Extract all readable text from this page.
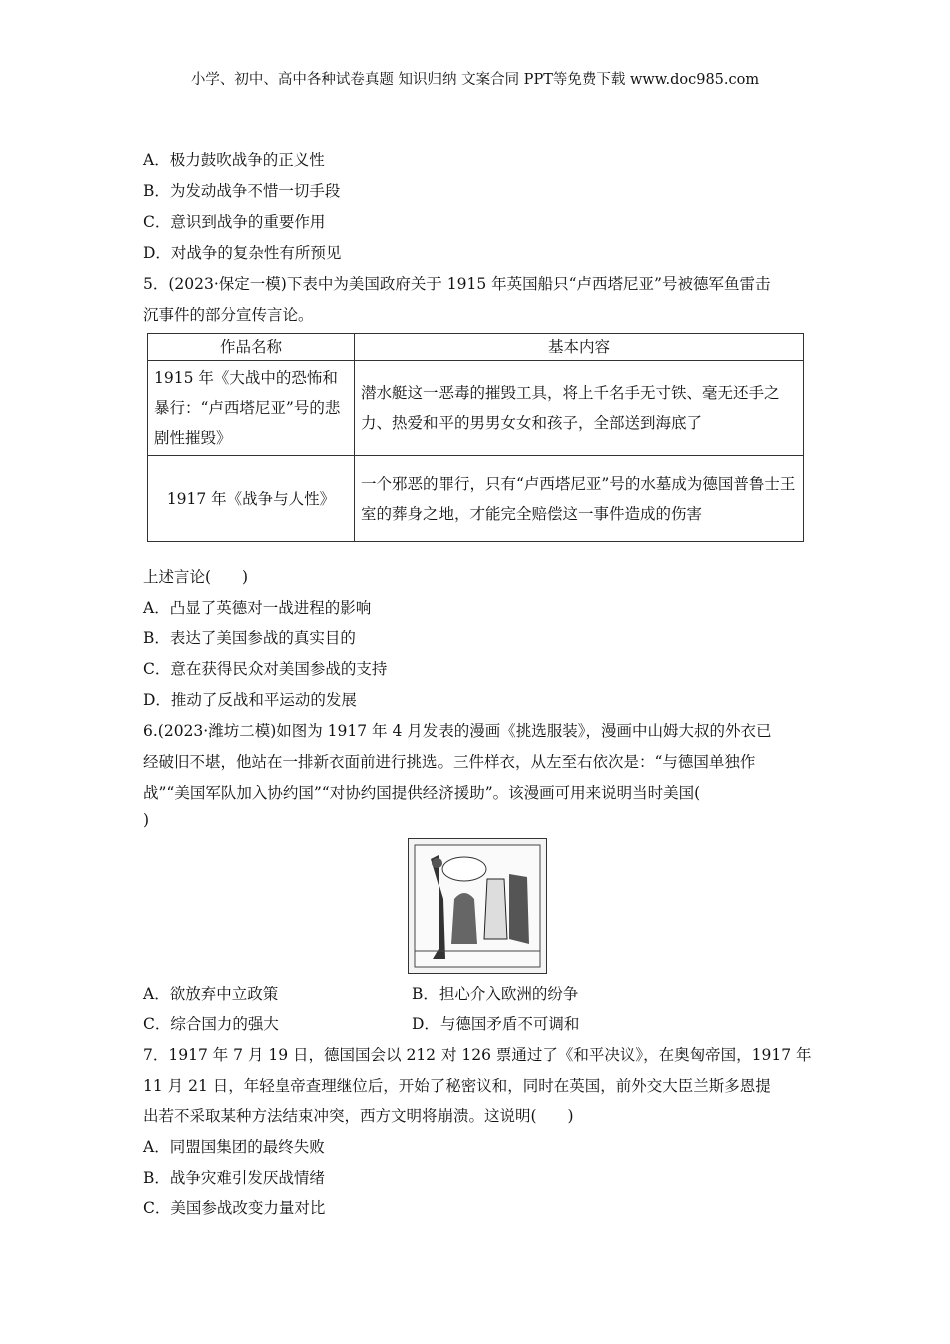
小学、初中、高中各种试卷真题 知识归纳 文案合同 PPT等免费下载 www.doc985.com
A．极力鼓吹战争的正义性
B．为发动战争不惜一切手段
C．意识到战争的重要作用
D．对战争的复杂性有所预见
5．(2023·保定一模)下表中为美国政府关于 1915 年英国船只“卢西塔尼亚”号被德军鱼雷击
沉事件的部分宣传言论。
作品名称	基本内容
1915 年《大战中的恐怖和暴行：“卢西塔尼亚”号的悲剧性摧毁》	潜水艇这一恶毒的摧毁工具，将上千名手无寸铁、毫无还手之力、热爱和平的男男女女和孩子，全部送到海底了
1917 年《战争与人性》	一个邪恶的罪行，只有“卢西塔尼亚”号的水墓成为德国普鲁士王室的葬身之地，才能完全赔偿这一事件造成的伤害
上述言论(　　)
A．凸显了英德对一战进程的影响
B．表达了美国参战的真实目的
C．意在获得民众对美国参战的支持
D．推动了反战和平运动的发展
6.(2023·潍坊二模)如图为 1917 年 4 月发表的漫画《挑选服装》，漫画中山姆大叔的外衣已
经破旧不堪，他站在一排新衣面前进行挑选。三件样衣，从左至右依次是：“与德国单独作
战”“美国军队加入协约国”“对协约国提供经济援助”。该漫画可用来说明当时美国(
)
A．欲放弃中立政策	B．担心介入欧洲的纷争
C．综合国力的强大	D．与德国矛盾不可调和
7．1917 年 7 月 19 日，德国国会以 212 对 126 票通过了《和平决议》，在奥匈帝国，1917 年
11 月 21 日，年轻皇帝查理继位后，开始了秘密议和，同时在英国，前外交大臣兰斯多恩提
出若不采取某种方法结束冲突，西方文明将崩溃。这说明(　　)
A．同盟国集团的最终失败
B．战争灾难引发厌战情绪
C．美国参战改变力量对比
